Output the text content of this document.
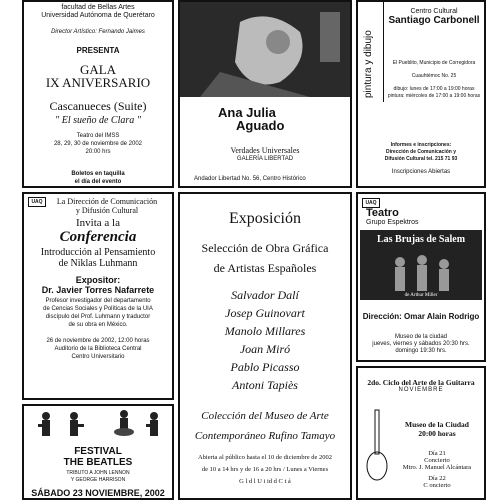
facultad de Bellas Artes
Universidad Autónoma de Querétaro
Director Artístico: Fernando Jaimes
PRESENTA
GALA
IX ANIVERSARIO
Cascanueces (Suite)
" El sueño de Clara "
Teatro del IMSS
28, 29, 30 de noviembre de 2002
20:00 hrs
Boletos en taquilla
el día del evento
Ana Julia
Aguado
Verdades Universales
GALERÍA LIBERTAD
Andador Libertad No. 56, Centro Histórico
pintura y dibujo
Centro Cultural
Santiago Carbonell
El Pueblito, Municipio de Corregidora
Cuauhtémoc No. 25
dibujo: lunes de 17:00 a 19:00 horas
pintura: miércoles de 17:00 a 19:00 horas
Informes e inscripciones:
Dirección de Comunicación y
Difusión Cultural tel. 215 71 93
Inscripciones Abiertas
UAQ	La Dirección de Comunicación
y Difusión Cultural
Invita a la
Conferencia
Introducción al Pensamiento
de Niklas Luhmann
Expositor:
Dr. Javier Torres Nafarrete
Profesor investigador del departamento
de Cencias Sociales y Políticas de la UIA
discípulo del Prof. Luhmann y traductor
de su obra en México.
26 de noviembre de 2002, 12:00 horas
Auditorio de la Biblioteca Central
Centro Universitario
FESTIVAL
THE BEATLES
TRIBUTO A JOHN LENNON
Y GEORGE HARRISON
SÁBADO 23 NOVIEMBRE, 2002
Exposición
Selección de Obra Gráfica
de Artistas Españoles
Salvador Dalí
Josep Guinovart
Manolo Millares
Joan Miró
Pablo Picasso
Antoni Tapiès
Colección del Museo de Arte
Contemporáneo Rufino Tamayo
Abierta al público hasta el 10 de diciembre de 2002
de 10 a 14 hrs y de 16 a 20 hrs / Lunes a Viernes
G l d l U i id d C t á
UAQ
Teatro
Grupo Espektros
Las Brujas de Salem
de Arthur Miller
Dirección: Omar Alain Rodrigo
Museo de la ciudad
jueves, viernes y sábados 20:30 hrs.
domingo 19:30 hrs.
2do. Ciclo del Arte de la Guitarra
NOVIEMBRE
Museo de la Ciudad
20:00 horas
Día 21
Concierto
Mtro. J. Manuel Alcántara
Día 22
C oncierto
